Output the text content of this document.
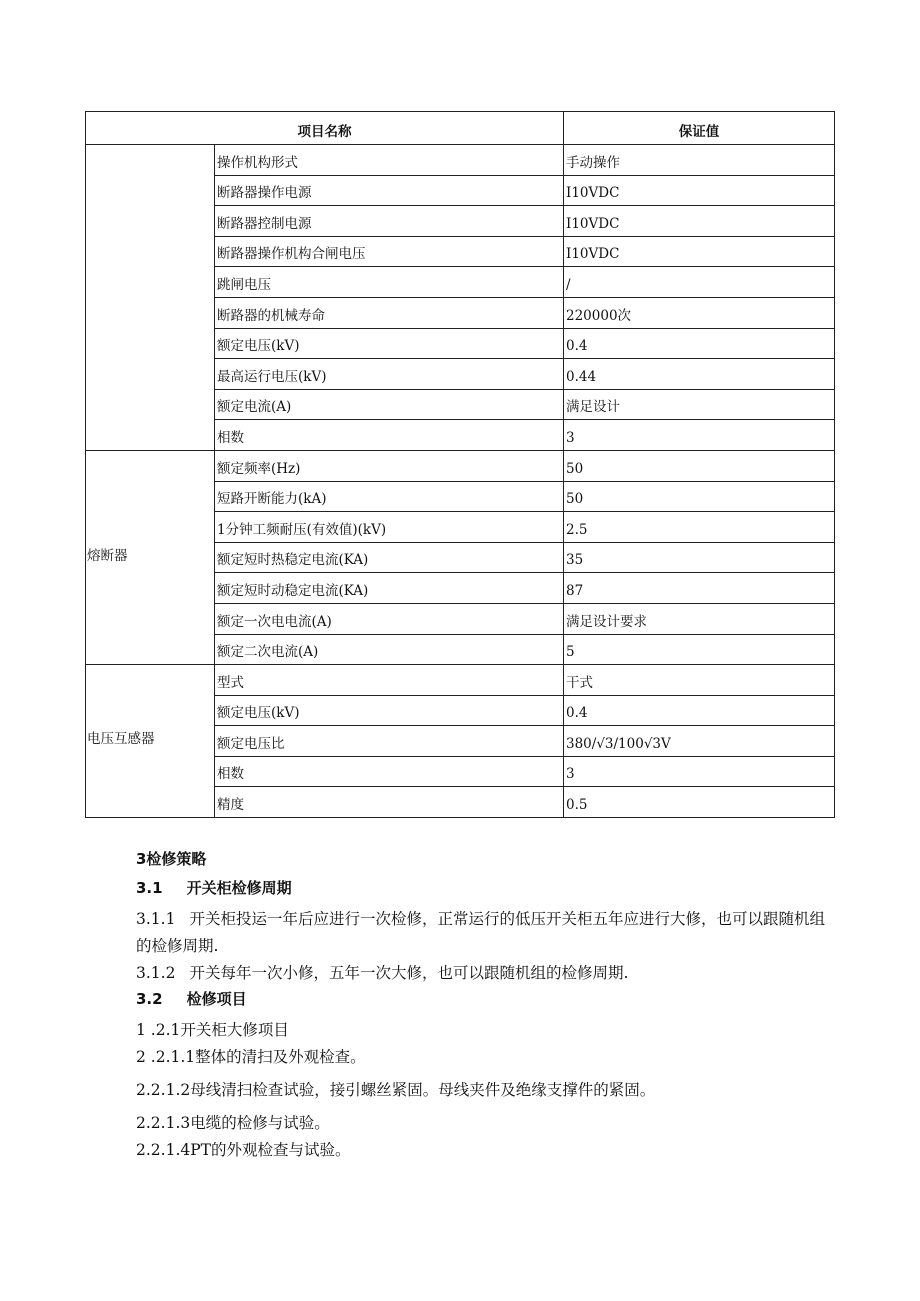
项目名称		保证值
	操作机构形式	手动操作
	断路器操作电源	I10VDC
	断路器控制电源	I10VDC
	断路器操作机构合闸电压	I10VDC
	跳闸电压	/
	断路器的机械寿命	220000次
	额定电压(kV)	0.4
	最高运行电压(kV)	0.44
	额定电流(A)	满足设计
	相数	3
熔断器	额定频率(Hz)	50
	短路开断能力(kA)	50
	1分钟工频耐压(有效值)(kV)	2.5
	额定短时热稳定电流(KA)	35
	额定短时动稳定电流(KA)	87
	额定一次电电流(A)	满足设计要求
	额定二次电流(A)	5
电压互感器	型式	干式
	额定电压(kV)	0.4
	额定电压比	380/√3/100√3V
	相数	3
	精度	0.5

3检修策略

3.1 开关柜检修周期

3.1.1 开关柜投运一年后应进行一次检修，正常运行的低压开关柜五年应进行大修，也可以跟随机组的检修周期.

3.1.2 开关每年一次小修，五年一次大修，也可以跟随机组的检修周期.

3.2 检修项目

1 .2.1开关柜大修项目

2 .2.1.1整体的清扫及外观检查。

2.2.1.2母线清扫检查试验，接引螺丝紧固。母线夹件及绝缘支撑件的紧固。

2.2.1.3电缆的检修与试验。

2.2.1.4PT的外观检查与试验。
